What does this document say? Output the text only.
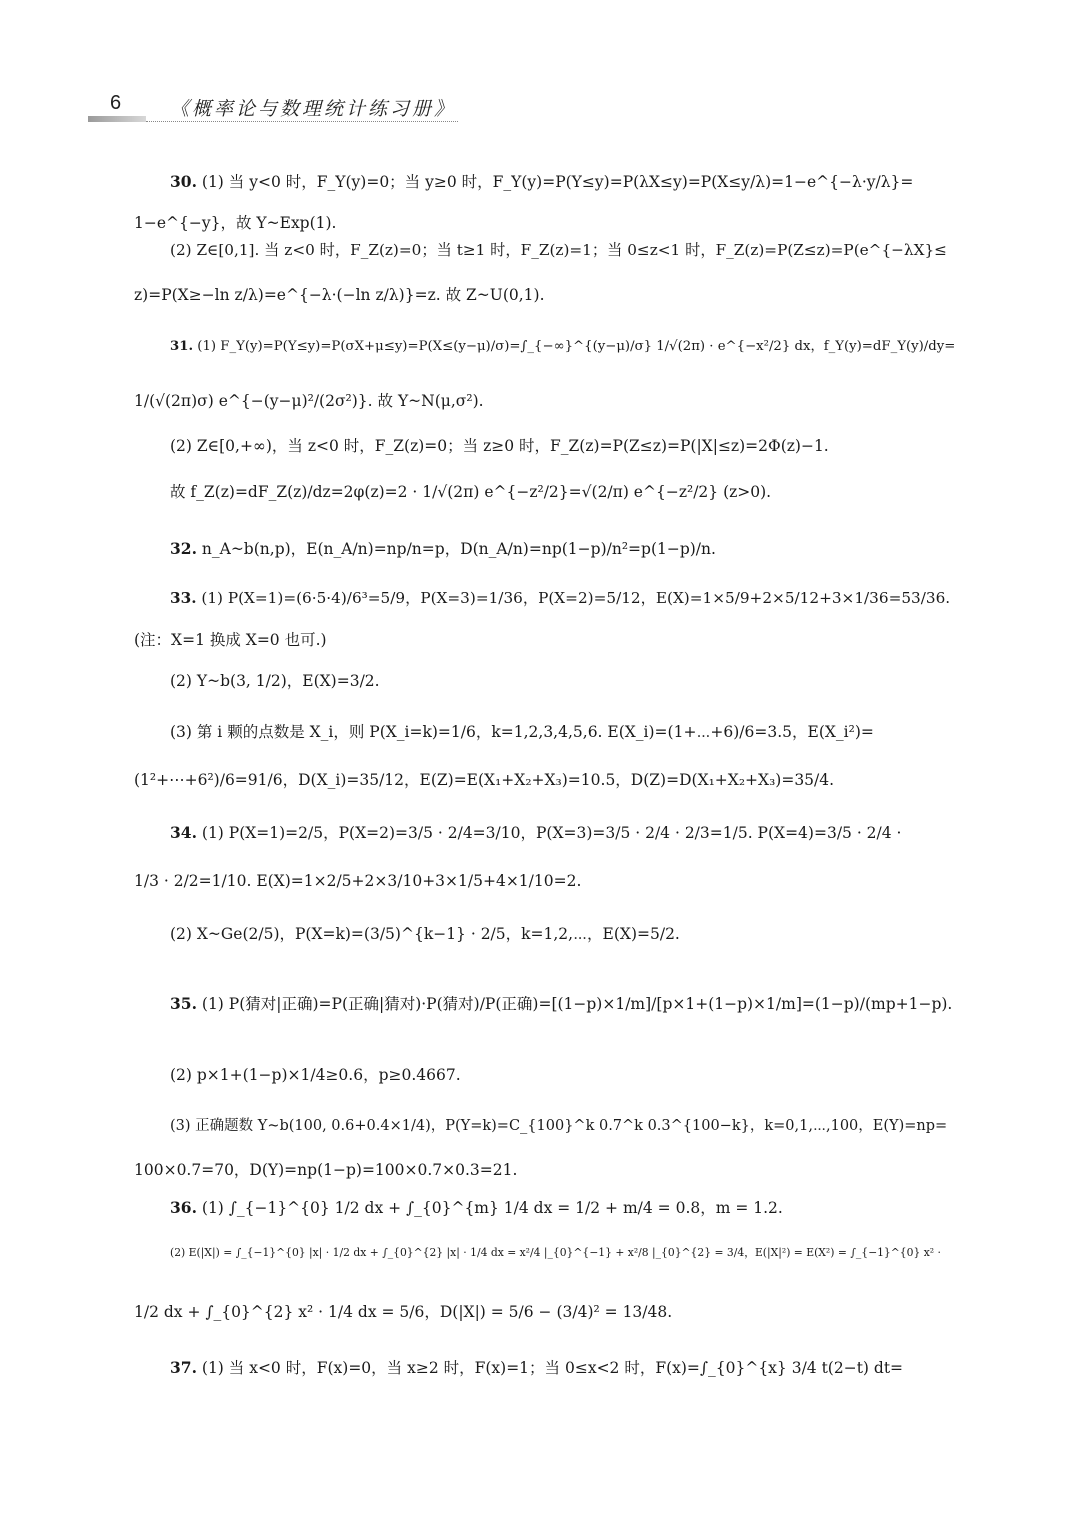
6	《概率论与数理统计练习册》
30. (1) 当 y<0 时，F_Y(y)=0；当 y≥0 时，F_Y(y)=P(Y≤y)=P(λX≤y)=P(X≤y/λ)=1−e^{−λ·y/λ}=
1−e^{−y}，故 Y~Exp(1).
(2) Z∈[0,1]. 当 z<0 时，F_Z(z)=0；当 t≥1 时，F_Z(z)=1；当 0≤z<1 时，F_Z(z)=P(Z≤z)=P(e^{−λX}≤
z)=P(X≥−ln z/λ)=e^{−λ·(−ln z/λ)}=z. 故 Z~U(0,1).
31. (1) F_Y(y)=P(Y≤y)=P(σX+μ≤y)=P(X≤(y−μ)/σ)=∫_{−∞}^{(y−μ)/σ} 1/√(2π) · e^{−x²/2} dx，f_Y(y)=dF_Y(y)/dy=
1/(√(2π)σ) e^{−(y−μ)²/(2σ²)}. 故 Y~N(μ,σ²).
(2) Z∈[0,+∞)，当 z<0 时，F_Z(z)=0；当 z≥0 时，F_Z(z)=P(Z≤z)=P(|X|≤z)=2Φ(z)−1.
故 f_Z(z)=dF_Z(z)/dz=2φ(z)=2 · 1/√(2π) e^{−z²/2}=√(2/π) e^{−z²/2} (z>0).
32. n_A~b(n,p)，E(n_A/n)=np/n=p，D(n_A/n)=np(1−p)/n²=p(1−p)/n.
33. (1) P(X=1)=(6·5·4)/6³=5/9，P(X=3)=1/36，P(X=2)=5/12，E(X)=1×5/9+2×5/12+3×1/36=53/36.
(注：X=1 换成 X=0 也可.)
(2) Y~b(3, 1/2)，E(X)=3/2.
(3) 第 i 颗的点数是 X_i，则 P(X_i=k)=1/6，k=1,2,3,4,5,6. E(X_i)=(1+⋯+6)/6=3.5，E(X_i²)=
(1²+⋯+6²)/6=91/6，D(X_i)=35/12，E(Z)=E(X₁+X₂+X₃)=10.5，D(Z)=D(X₁+X₂+X₃)=35/4.
34. (1) P(X=1)=2/5，P(X=2)=3/5 · 2/4=3/10，P(X=3)=3/5 · 2/4 · 2/3=1/5. P(X=4)=3/5 · 2/4 ·
1/3 · 2/2=1/10. E(X)=1×2/5+2×3/10+3×1/5+4×1/10=2.
(2) X~Ge(2/5)，P(X=k)=(3/5)^{k−1} · 2/5，k=1,2,⋯，E(X)=5/2.
35. (1) P(猜对|正确)=P(正确|猜对)·P(猜对)/P(正确)=[(1−p)×1/m]/[p×1+(1−p)×1/m]=(1−p)/(mp+1−p).
(2) p×1+(1−p)×1/4≥0.6，p≥0.4667.
(3) 正确题数 Y~b(100, 0.6+0.4×1/4)，P(Y=k)=C_{100}^k 0.7^k 0.3^{100−k}，k=0,1,⋯,100，E(Y)=np=
100×0.7=70，D(Y)=np(1−p)=100×0.7×0.3=21.
36. (1) ∫_{−1}^{0} 1/2 dx + ∫_{0}^{m} 1/4 dx = 1/2 + m/4 = 0.8，m = 1.2.
(2) E(|X|) = ∫_{−1}^{0} |x| · 1/2 dx + ∫_{0}^{2} |x| · 1/4 dx = x²/4 |_{0}^{−1} + x²/8 |_{0}^{2} = 3/4，E(|X|²) = E(X²) = ∫_{−1}^{0} x² ·
1/2 dx + ∫_{0}^{2} x² · 1/4 dx = 5/6，D(|X|) = 5/6 − (3/4)² = 13/48.
37. (1) 当 x<0 时，F(x)=0，当 x≥2 时，F(x)=1；当 0≤x<2 时，F(x)=∫_{0}^{x} 3/4 t(2−t) dt=
